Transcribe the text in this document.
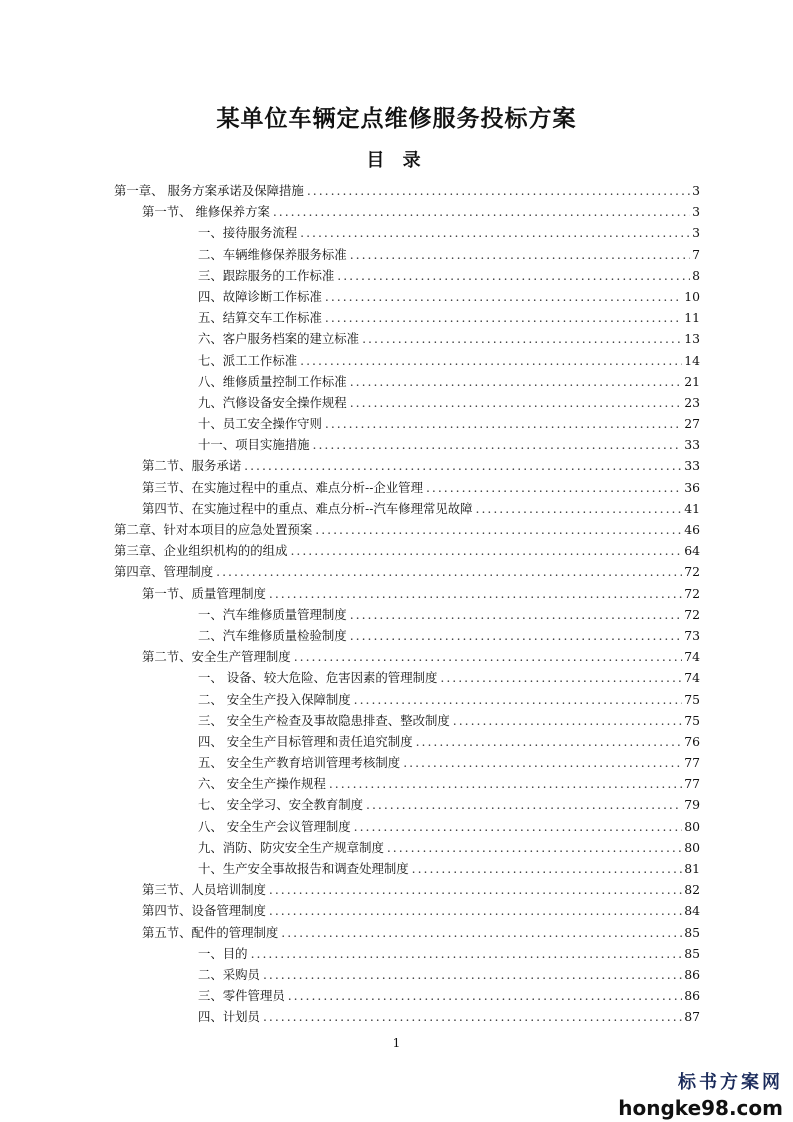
某单位车辆定点维修服务投标方案
目 录
第一章、 服务方案承诺及保障措施 .....	3
第一节、 维修保养方案 .....	3
一、接待服务流程 .....	3
二、车辆维修保养服务标准 .....	7
三、跟踪服务的工作标准 .....	8
四、故障诊断工作标准 .....	10
五、结算交车工作标准 .....	11
六、客户服务档案的建立标准 .....	13
七、派工工作标准 .....	14
八、维修质量控制工作标准 .....	21
九、汽修设备安全操作规程 .....	23
十、员工安全操作守则 .....	27
十一、项目实施措施 .....	33
第二节、服务承诺 .....	33
第三节、在实施过程中的重点、难点分析--企业管理 .....	36
第四节、在实施过程中的重点、难点分析--汽车修理常见故障 .....	41
第二章、针对本项目的应急处置预案 .....	46
第三章、企业组织机构的的组成 .....	64
第四章、管理制度 .....	72
第一节、质量管理制度 .....	72
一、汽车维修质量管理制度 .....	72
二、汽车维修质量检验制度 .....	73
第二节、安全生产管理制度 .....	74
一、 设备、较大危险、危害因素的管理制度 .....	74
二、 安全生产投入保障制度 .....	75
三、 安全生产检查及事故隐患排查、整改制度 .....	75
四、 安全生产目标管理和责任追究制度 .....	76
五、 安全生产教育培训管理考核制度 .....	77
六、 安全生产操作规程 .....	77
七、 安全学习、安全教育制度 .....	79
八、 安全生产会议管理制度 .....	80
九、消防、防灾安全生产规章制度 .....	80
十、生产安全事故报告和调查处理制度 .....	81
第三节、人员培训制度 .....	82
第四节、设备管理制度 .....	84
第五节、配件的管理制度 .....	85
一、目的 .....	85
二、采购员 .....	86
三、零件管理员 .....	86
四、计划员 .....	87
1
标书方案网
hongke98.com
